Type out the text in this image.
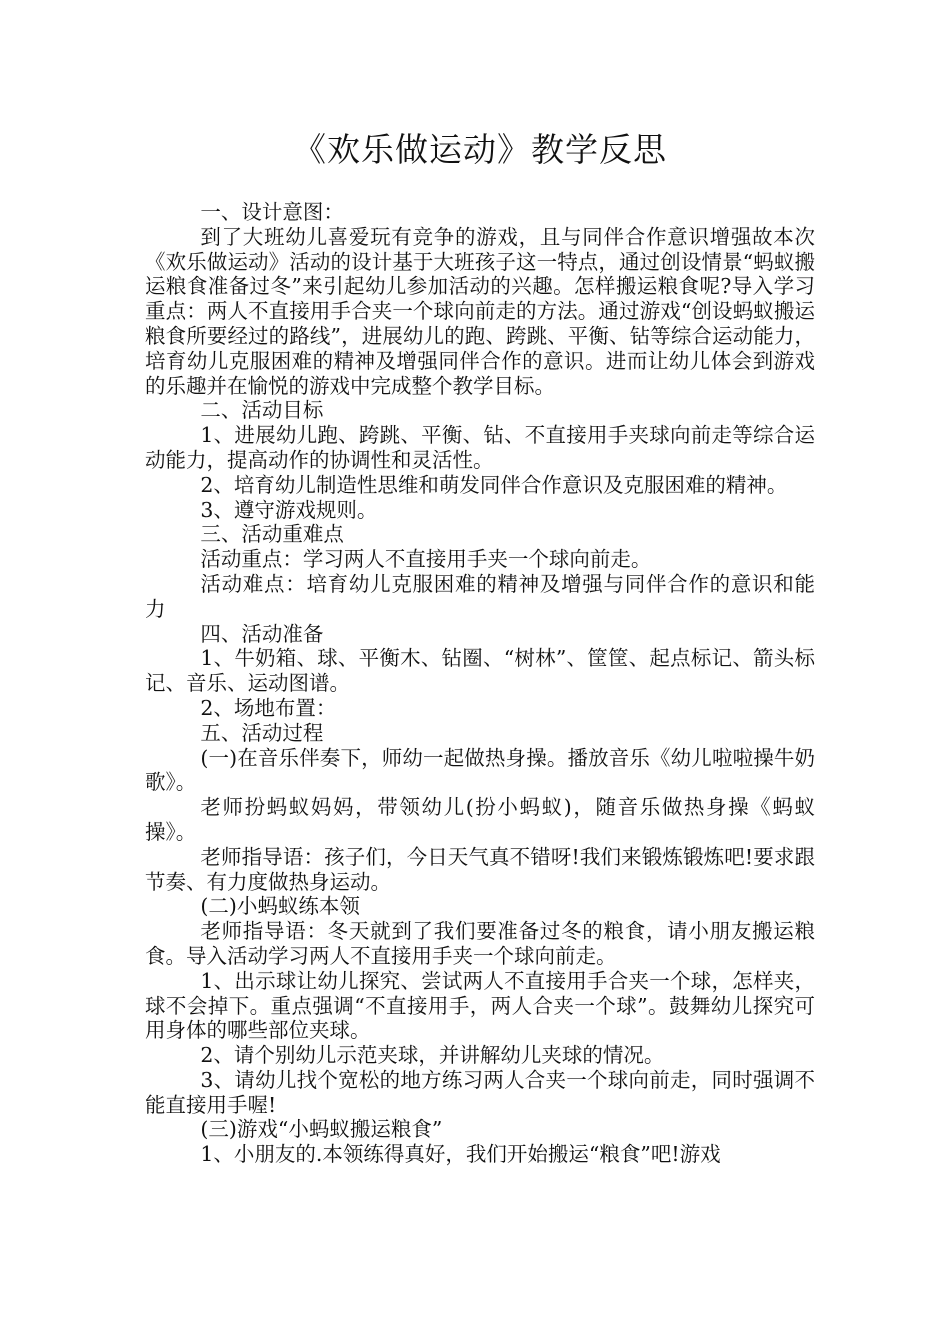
《欢乐做运动》教学反思

一、设计意图：

到了大班幼儿喜爱玩有竞争的游戏，且与同伴合作意识增强故本次《欢乐做运动》活动的设计基于大班孩子这一特点，通过创设情景“蚂蚁搬运粮食准备过冬”来引起幼儿参加活动的兴趣。怎样搬运粮食呢?导入学习重点：两人不直接用手合夹一个球向前走的方法。通过游戏“创设蚂蚁搬运粮食所要经过的路线”，进展幼儿的跑、跨跳、平衡、钻等综合运动能力，培育幼儿克服困难的精神及增强同伴合作的意识。进而让幼儿体会到游戏的乐趣并在愉悦的游戏中完成整个教学目标。

二、活动目标

1、进展幼儿跑、跨跳、平衡、钻、不直接用手夹球向前走等综合运动能力，提高动作的协调性和灵活性。

2、培育幼儿制造性思维和萌发同伴合作意识及克服困难的精神。

3、遵守游戏规则。

三、活动重难点

活动重点：学习两人不直接用手夹一个球向前走。

活动难点：培育幼儿克服困难的精神及增强与同伴合作的意识和能力

四、活动准备

1、牛奶箱、球、平衡木、钻圈、“树林”、筐筐、起点标记、箭头标记、音乐、运动图谱。

2、场地布置：

五、活动过程

(一)在音乐伴奏下，师幼一起做热身操。播放音乐《幼儿啦啦操牛奶歌》。

老师扮蚂蚁妈妈，带领幼儿(扮小蚂蚁)，随音乐做热身操《蚂蚁操》。

老师指导语：孩子们，今日天气真不错呀!我们来锻炼锻炼吧!要求跟节奏、有力度做热身运动。

(二)小蚂蚁练本领

老师指导语：冬天就到了我们要准备过冬的粮食，请小朋友搬运粮食。导入活动学习两人不直接用手夹一个球向前走。

1、出示球让幼儿探究、尝试两人不直接用手合夹一个球，怎样夹，球不会掉下。重点强调“不直接用手，两人合夹一个球”。鼓舞幼儿探究可用身体的哪些部位夹球。

2、请个别幼儿示范夹球，并讲解幼儿夹球的情况。

3、请幼儿找个宽松的地方练习两人合夹一个球向前走，同时强调不能直接用手喔!

(三)游戏“小蚂蚁搬运粮食”

1、小朋友的.本领练得真好，我们开始搬运“粮食”吧!游戏
